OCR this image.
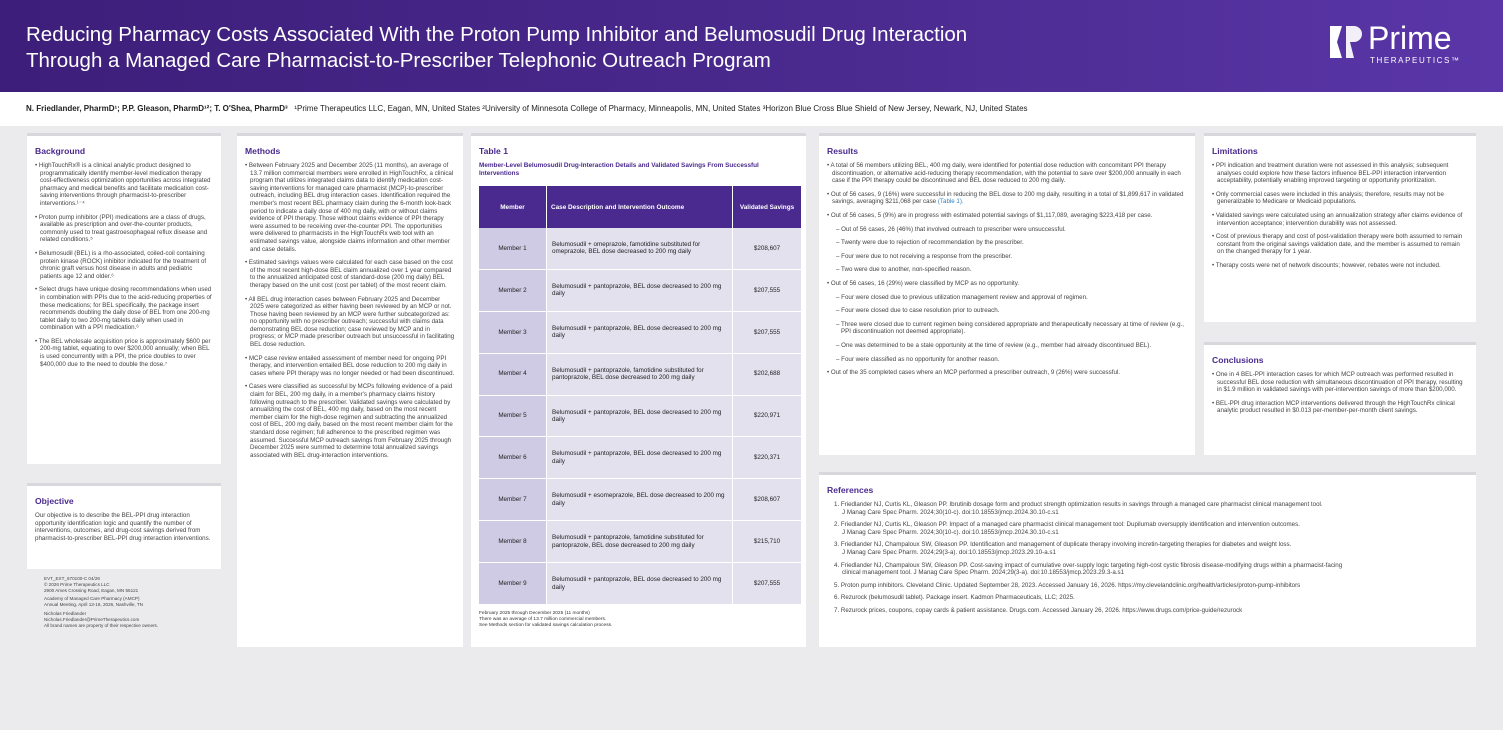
Reducing Pharmacy Costs Associated With the Proton Pump Inhibitor and Belumosudil Drug Interaction
Through a Managed Care Pharmacist-to-Prescriber Telephonic Outreach Program
Prime
THERAPEUTICS™
N. Friedlander, PharmD¹; P.P. Gleason, PharmD¹²; T. O'Shea, PharmD³ ¹Prime Therapeutics LLC, Eagan, MN, United States ²University of Minnesota College of Pharmacy, Minneapolis, MN, United States ³Horizon Blue Cross Blue Shield of New Jersey, Newark, NJ, United States
Background
• HighTouchRx® is a clinical analytic product designed to programmatically identify member-level medication therapy cost-effectiveness optimization opportunities across integrated pharmacy and medical benefits and facilitate medication cost-saving interventions through pharmacist-to-prescriber interventions.¹⁻⁴
• Proton pump inhibitor (PPI) medications are a class of drugs, available as prescription and over-the-counter products, commonly used to treat gastroesophageal reflux disease and related conditions.⁵
• Belumosudil (BEL) is a rho-associated, coiled-coil containing protein kinase (ROCK) inhibitor indicated for the treatment of chronic graft versus host disease in adults and pediatric patients age 12 and older.⁶
• Select drugs have unique dosing recommendations when used in combination with PPIs due to the acid-reducing properties of these medications; for BEL specifically, the package insert recommends doubling the daily dose of BEL from one 200-mg tablet daily to two 200-mg tablets daily when used in combination with a PPI medication.⁶
• The BEL wholesale acquisition price is approximately $600 per 200-mg tablet, equating to over $200,000 annually; when BEL is used concurrently with a PPI, the price doubles to over $400,000 due to the need to double the dose.⁷
Objective

Our objective is to describe the BEL-PPI drug interaction opportunity identification logic and quantify the number of interventions, outcomes, and drug-cost savings derived from pharmacist-to-prescriber BEL-PPI drug interaction interventions.

EVT_EXT_670100-C 04/26
© 2026 Prime Therapeutics LLC
2900 Ames Crossing Road, Eagan, MN 55121
Academy of Managed Care Pharmacy (AMCP)
Annual Meeting, April 13-16, 2026, Nashville, TN
Nicholas Friedlander
Nicholas.Friedlander@PrimeTherapeutics.com
All brand names are property of their respective owners.
Methods
• Between February 2025 and December 2025 (11 months), an average of 13.7 million commercial members were enrolled in HighTouchRx, a clinical program that utilizes integrated claims data to identify medication cost-saving interventions for managed care pharmacist (MCP)-to-prescriber outreach, including BEL drug interaction cases. Identification required the member's most recent BEL pharmacy claim during the 6-month look-back period to indicate a daily dose of 400 mg daily, with or without claims evidence of PPI therapy. Those without claims evidence of PPI therapy were assumed to be receiving over-the-counter PPI. The opportunities were delivered to pharmacists in the HighTouchRx web tool with an estimated savings value, alongside claims information and other member and case details.
• Estimated savings values were calculated for each case based on the cost of the most recent high-dose BEL claim annualized over 1 year compared to the annualized anticipated cost of standard-dose (200 mg daily) BEL therapy based on the unit cost (cost per tablet) of the most recent claim.
• All BEL drug interaction cases between February 2025 and December 2025 were categorized as either having been reviewed by an MCP or not. Those having been reviewed by an MCP were further subcategorized as: no opportunity with no prescriber outreach; successful with claims data demonstrating BEL dose reduction; case reviewed by MCP and in progress; or MCP made prescriber outreach but unsuccessful in facilitating BEL dose reduction.
• MCP case review entailed assessment of member need for ongoing PPI therapy, and intervention entailed BEL dose reduction to 200 mg daily in cases where PPI therapy was no longer needed or had been discontinued.
• Cases were classified as successful by MCPs following evidence of a paid claim for BEL, 200 mg daily, in a member's pharmacy claims history following outreach to the prescriber. Validated savings were calculated by annualizing the cost of BEL, 400 mg daily, based on the most recent member claim for the high-dose regimen and subtracting the annualized cost of BEL, 200 mg daily, based on the most recent member claim for the standard dose regimen; full adherence to the prescribed regimen was assumed. Successful MCP outreach savings from February 2025 through December 2025 were summed to determine total annualized savings associated with BEL drug-interaction interventions.
Table 1
Member-Level Belumosudil Drug-Interaction Details and Validated Savings From Successful Interventions
Member	Case Description and Intervention Outcome	Validated Savings
Member 1	Belumosudil + omeprazole, famotidine substituted for omeprazole, BEL dose decreased to 200 mg daily	$208,607
Member 2	Belumosudil + pantoprazole, BEL dose decreased to 200 mg daily	$207,555
Member 3	Belumosudil + pantoprazole, BEL dose decreased to 200 mg daily	$207,555
Member 4	Belumosudil + pantoprazole, famotidine substituted for pantoprazole, BEL dose decreased to 200 mg daily	$202,688
Member 5	Belumosudil + pantoprazole, BEL dose decreased to 200 mg daily	$220,971
Member 6	Belumosudil + pantoprazole, BEL dose decreased to 200 mg daily	$220,371
Member 7	Belumosudil + esomeprazole, BEL dose decreased to 200 mg daily	$208,607
Member 8	Belumosudil + pantoprazole, famotidine substituted for pantoprazole, BEL dose decreased to 200 mg daily	$215,710
Member 9	Belumosudil + pantoprazole, BEL dose decreased to 200 mg daily	$207,555
February 2025 through December 2025 (11 months)
There was an average of 13.7 million commercial members.
See Methods section for validated savings calculation process.
Results
• A total of 56 members utilizing BEL, 400 mg daily, were identified for potential dose reduction with concomitant PPI therapy discontinuation, or alternative acid-reducing therapy recommendation, with the potential to save over $200,000 annually in each case if the PPI therapy could be discontinued and BEL dose reduced to 200 mg daily.
• Out of 56 cases, 9 (16%) were successful in reducing the BEL dose to 200 mg daily, resulting in a total of $1,899,617 in validated savings, averaging $211,068 per case (Table 1).
• Out of 56 cases, 5 (9%) are in progress with estimated potential savings of $1,117,089, averaging $223,418 per case.
– Out of 56 cases, 26 (46%) that involved outreach to prescriber were unsuccessful.
– Twenty were due to rejection of recommendation by the prescriber.
– Four were due to not receiving a response from the prescriber.
– Two were due to another, non-specified reason.
• Out of 56 cases, 16 (29%) were classified by MCP as no opportunity.
– Four were closed due to previous utilization management review and approval of regimen.
– Four were closed due to case resolution prior to outreach.
– Three were closed due to current regimen being considered appropriate and therapeutically necessary at time of review (e.g., PPI discontinuation not deemed appropriate).
– One was determined to be a stale opportunity at the time of review (e.g., member had already discontinued BEL).
– Four were classified as no opportunity for another reason.
• Out of the 35 completed cases where an MCP performed a prescriber outreach, 9 (26%) were successful.
Limitations
• PPI indication and treatment duration were not assessed in this analysis; subsequent analyses could explore how these factors influence BEL-PPI interaction intervention acceptability, potentially enabling improved targeting or opportunity prioritization.
• Only commercial cases were included in this analysis; therefore, results may not be generalizable to Medicare or Medicaid populations.
• Validated savings were calculated using an annualization strategy after claims evidence of intervention acceptance; intervention durability was not assessed.
• Cost of previous therapy and cost of post-validation therapy were both assumed to remain constant from the original savings validation date, and the member is assumed to remain on the changed therapy for 1 year.
• Therapy costs were net of network discounts; however, rebates were not included.
Conclusions
• One in 4 BEL-PPI interaction cases for which MCP outreach was performed resulted in successful BEL dose reduction with simultaneous discontinuation of PPI therapy, resulting in $1.9 million in validated savings with per-intervention savings of more than $200,000.
• BEL-PPI drug interaction MCP interventions delivered through the HighTouchRx clinical analytic product resulted in $0.013 per-member-per-month client savings.
References
1. Friedlander NJ, Curtis KL, Gleason PP. Ibrutinib dosage form and product strength optimization results in savings through a managed care pharmacist clinical management tool.
J Manag Care Spec Pharm. 2024;30(10-c). doi:10.18553/jmcp.2024.30.10-c.s1
2. Friedlander NJ, Curtis KL, Gleason PP. Impact of a managed care pharmacist clinical management tool: Dupilumab oversupply identification and intervention outcomes.
J Manag Care Spec Pharm. 2024;30(10-c). doi:10.18553/jmcp.2024.30.10-c.s1
3. Friedlander NJ, Champaloux SW, Gleason PP. Identification and management of duplicate therapy involving incretin-targeting therapies for diabetes and weight loss.
J Manag Care Spec Pharm. 2024;29(3-a). doi:10.18553/jmcp.2023.29.10-a.s1
4. Friedlander NJ, Champaloux SW, Gleason PP. Cost-saving impact of cumulative over-supply logic targeting high-cost cystic fibrosis disease-modifying drugs within a pharmacist-facing
clinical management tool. J Manag Care Spec Pharm. 2024;29(3-a). doi:10.18553/jmcp.2023.29.3-a.s1
5. Proton pump inhibitors. Cleveland Clinic. Updated September 28, 2023. Accessed January 16, 2026. https://my.clevelandclinic.org/health/articles/proton-pump-inhibitors
6. Rezurock (belumosudil tablet). Package insert. Kadmon Pharmaceuticals, LLC; 2025.
7. Rezurock prices, coupons, copay cards & patient assistance. Drugs.com. Accessed January 26, 2026. https://www.drugs.com/price-guide/rezurock
